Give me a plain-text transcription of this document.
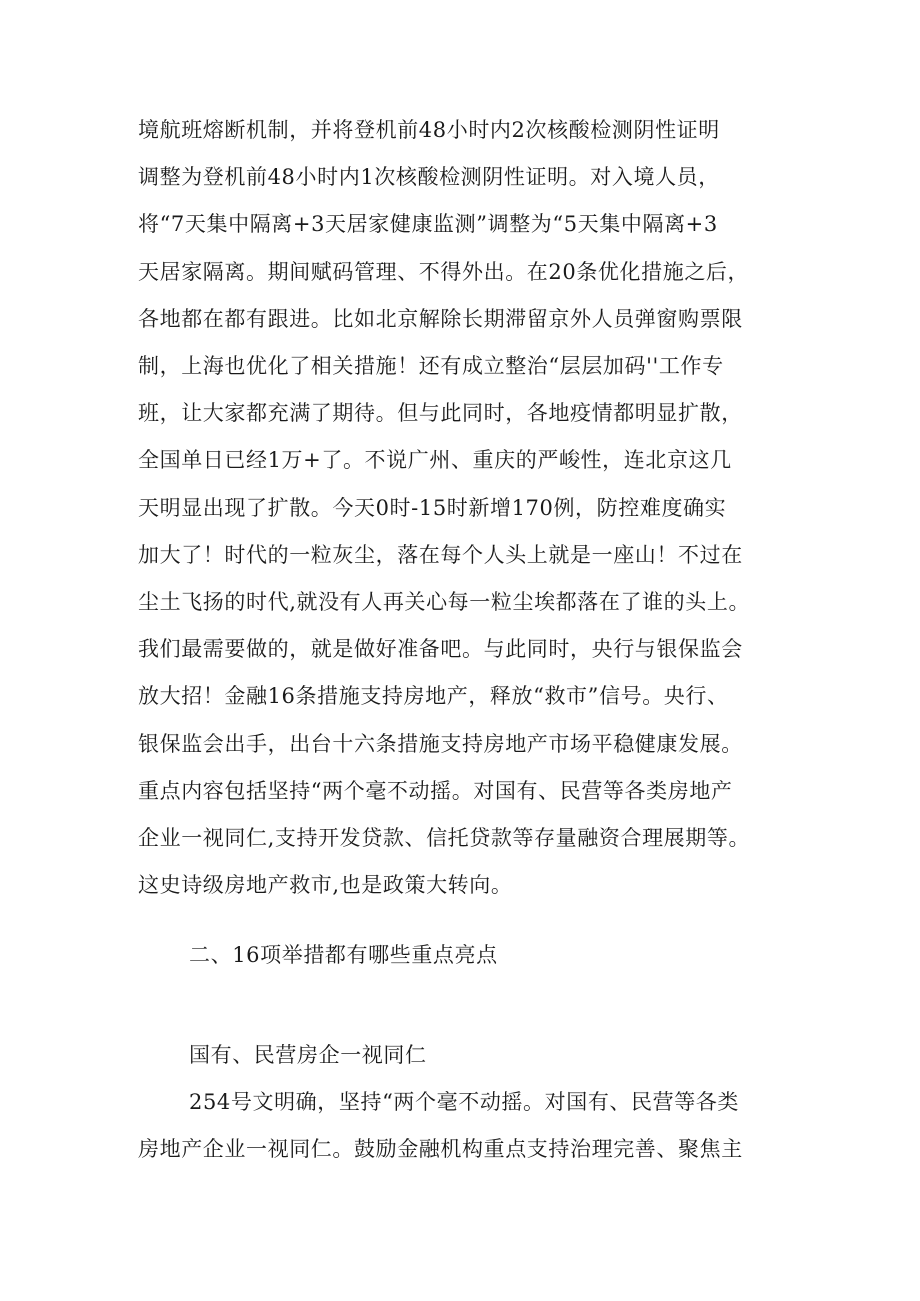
境航班熔断机制，并将登机前48小时内2次核酸检测阴性证明
调整为登机前48小时内1次核酸检测阴性证明。对入境人员，
将“7天集中隔离+3天居家健康监测”调整为“5天集中隔离+3
天居家隔离。期间赋码管理、不得外出。在20条优化措施之后，
各地都在都有跟进。比如北京解除长期滞留京外人员弹窗购票限
制，上海也优化了相关措施！还有成立整治“层层加码''工作专
班，让大家都充满了期待。但与此同时，各地疫情都明显扩散，
全国单日已经1万+了。不说广州、重庆的严峻性，连北京这几
天明显出现了扩散。今天0时-15时新增170例，防控难度确实
加大了！时代的一粒灰尘，落在每个人头上就是一座山！不过在
尘土飞扬的时代,就没有人再关心每一粒尘埃都落在了谁的头上。
我们最需要做的，就是做好准备吧。与此同时，央行与银保监会
放大招！金融16条措施支持房地产，释放“救市”信号。央行、
银保监会出手，出台十六条措施支持房地产市场平稳健康发展。
重点内容包括坚持“两个毫不动摇。对国有、民营等各类房地产
企业一视同仁,支持开发贷款、信托贷款等存量融资合理展期等。
这史诗级房地产救市,也是政策大转向。
二、16项举措都有哪些重点亮点
国有、民营房企一视同仁
254号文明确，坚持“两个毫不动摇。对国有、民营等各类
房地产企业一视同仁。鼓励金融机构重点支持治理完善、聚焦主
